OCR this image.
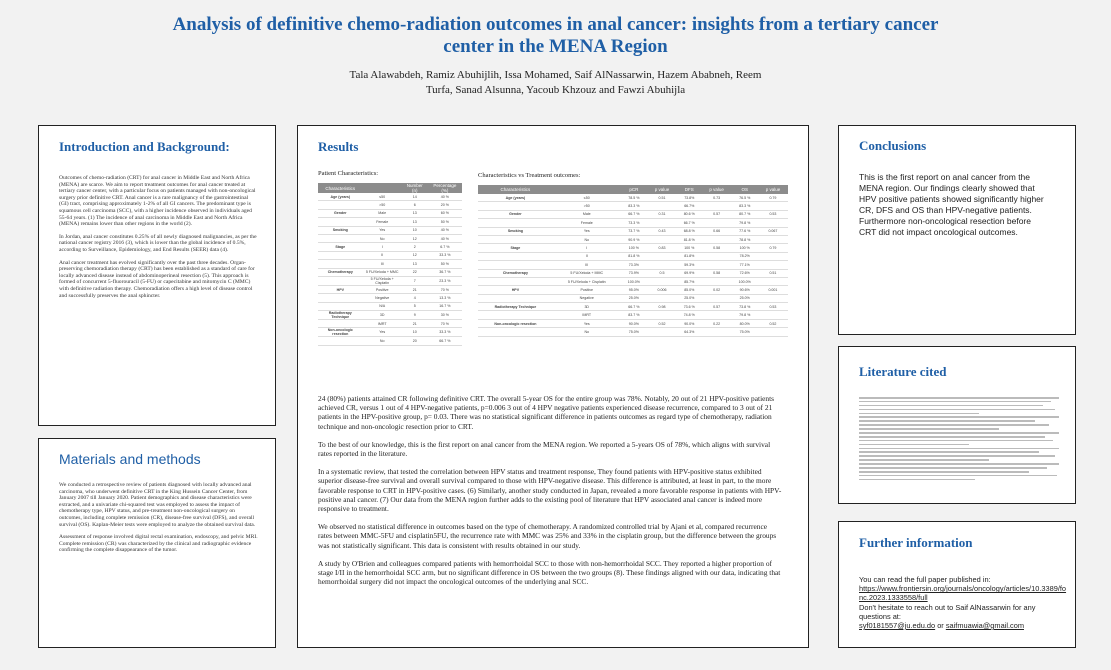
Analysis of definitive chemo-radiation outcomes in anal cancer: insights from a tertiary cancer center in the MENA Region
Tala Alawabdeh, Ramiz Abuhijlih, Issa Mohamed, Saif AlNassarwin, Hazem Ababneh, Reem
Turfa, Sanad Alsunna, Yacoub Khzouz and Fawzi Abuhijla
Introduction and Background:

Outcomes of chemo-radiation (CRT) for anal cancer in Middle East and North Africa (MENA) are scarce. We aim to report treatment outcomes for anal cancer treated at tertiary cancer center, with a particular focus on patients managed with non-oncological surgery prior definitive CRT. Anal cancer is a rare malignancy of the gastrointestinal (GI) tract, comprising approximately 1-2% of all GI cancers. The predominant type is squamous cell carcinoma (SCC), with a higher incidence observed in individuals aged 55-64 years. (1) The incidence of anal carcinoma in Middle East and North Africa (MENA) remains lower than other regions in the world (2).

In Jordan, anal cancer constitutes 0.25% of all newly diagnosed malignancies, as per the national cancer registry 2016 (3), which is lower than the global incidence of 0.5%, according to Surveillance, Epidemiology, and End Results (SEER) data (4).

Anal cancer treatment has evolved significantly over the past three decades. Organ-preserving chemoradiation therapy (CRT) has been established as a standard of care for locally advanced disease instead of abdominoperineal resection (5). This approach is formed of concurrent 5-fluorouracil (5-FU) or capecitabine and mitomycin C (MMC) with definitive radiation therapy. Chemoradiation offers a high level of disease control and successfully preserves the anal sphincter.

Materials and methods

We conducted a retrospective review of patients diagnosed with locally advanced anal carcinoma, who underwent definitive CRT in the King Hussein Cancer Center, from January 2007 till January 2020. Patient demographics and disease characteristics were extracted, and a univariate chi-squared test was employed to assess the impact of chemotherapy type, HPV status, and pre-treatment non-oncological surgery on outcomes, including complete remission (CR), disease-free survival (DFS), and overall survival (OS). Kaplan-Meier tests were employed to analyze the obtained survival data.

Assessment of response involved digital rectal examination, endoscopy, and pelvic MRI. Complete remission (CR) was characterized by the clinical and radiographic evidence confirming the complete disappearance of the tumor.

Results
Patient Characteristics:
Characteristics		Number (n)	Percentage (%)
Age (years)	≤50	14	40 %
	>50	6	20 %
Gender	Male	13	60 %
	Female	13	50 %
Smoking	Yes	10	40 %
	No	12	40 %
Stage	I	2	6.7 %
	II	12	33.3 %
	III	13	50 %
Chemotherapy	5 FU/Xeloda + MMC	22	36.7 %
	5 FU/Xeloda + Cisplatin	7	23.3 %
HPV	Positive	21	70 %
	Negative	4	13.3 %
	N/A	5	16.7 %
Radiotherapy Technique	3D	9	30 %
	IMRT	21	70 %
Non-oncologic resection	Yes	10	33.3 %
	No	20	66.7 %
Characteristics vs Treatment outcomes:
Characteristics		pCR	p value	DFS	p value	OS	p value
Age (years)	≤50	78.5 %	0.51	73.8%	0.73	76.5 %	0.79
	>50	83.3 %		66.7%		83.3 %	
Gender	Male	66.7 %	0.31	80.6 %	0.57	80.7 %	0.53
	Female	73.3 %		66.7 %		79.8 %	
Smoking	Yes	73.7 %	0.43	68.8 %	0.66	77.6 %	0.067
	No	90.9 %		81.8 %		78.8 %	
Stage	I	100 %	0.83	100 %	0.58	100 %	0.79
	II	81.8 %		81.8%		78.2%	
	III	73.3%		59.3%		77.1%	
Chemotherapy	5 FU/Xeloda + MMC	73.9%	0.5	69.9%	0.58	72.6%	0.51
	5 FU/Xeloda + Cisplatin	100.0%		85.7%		100.0%	
HPV	Positive	95.0%	0.006	85.0%	0.02	90.6%	0.001
	Negative	25.0%		25.0%		25.0%	
Radiotherapy Technique	3D	66.7 %	0.98	73.6 %	0.57	73.8 %	0.53
	IMRT	83.7 %		74.8 %		79.8 %	
Non-oncologic resection	Yes	90.0%	0.52	90.0%	0.22	80.0%	0.52
	No	75.0%		64.3%		75.0%	

24 (80%) patients attained CR following definitive CRT. The overall 5-year OS for the entire group was 78%. Notably, 20 out of 21 HPV-positive patients achieved CR, versus 1 out of 4 HPV-negative patients, p=0.006 3 out of 4 HPV negative patients experienced disease recurrence, compared to 3 out of 21 patients in the HPV-positive group, p= 0.03. There was no statistical significant difference in patients outcomes as regard type of chemotherapy, radiation technique and non-oncologic resection prior to CRT.

To the best of our knowledge, this is the first report on anal cancer from the MENA region. We reported a 5-years OS of 78%, which aligns with survival rates reported in the literature.

In a systematic review, that tested the correlation between HPV status and treatment response, They found patients with HPV-positive status exhibited superior disease-free survival and overall survival compared to those with HPV-negative disease. This difference is attributed, at least in part, to the more favorable response to CRT in HPV-positive cases. (6) Similarly, another study conducted in Japan, revealed a more favorable response in patients with HPV-positive anal cancer. (7) Our data from the MENA region further adds to the existing pool of literature that HPV associated anal cancer is indeed more responsive to treatment.

We observed no statistical difference in outcomes based on the type of chemotherapy. A randomized controlled trial by Ajani et al, compared recurrence rates between MMC-5FU and cisplatin5FU, the recurrence rate with MMC was 25% and 33% in the cisplatin group, but the difference between the groups was not statistically significant. This data is consistent with results obtained in our study.

A study by O'Brien and colleagues compared patients with hemorrhoidal SCC to those with non-hemorrhoidal SCC. They reported a higher proportion of stage I/II in the hemorrhoidal SCC arm, but no significant difference in OS between the two groups (8). These findings aligned with our data, indicating that hemorrhoidal surgery did not impact the oncological outcomes of the underlying anal SCC.

Conclusions
This is the first report on anal cancer from the MENA region. Our findings clearly showed that HPV positive patients showed significantly higher CR, DFS and OS than HPV-negative patients. Furthermore non-oncological resection before CRT did not impact oncological outcomes.
Literature cited
Further information
You can read the full paper published in:
https://www.frontiersin.org/journals/oncology/articles/10.3389/fonc.2023.1333558/full
Don't hesitate to reach out to Saif AlNassarwin for any questions at:
syf0181557@ju.edu.do or saifmuawia@gmail.com
